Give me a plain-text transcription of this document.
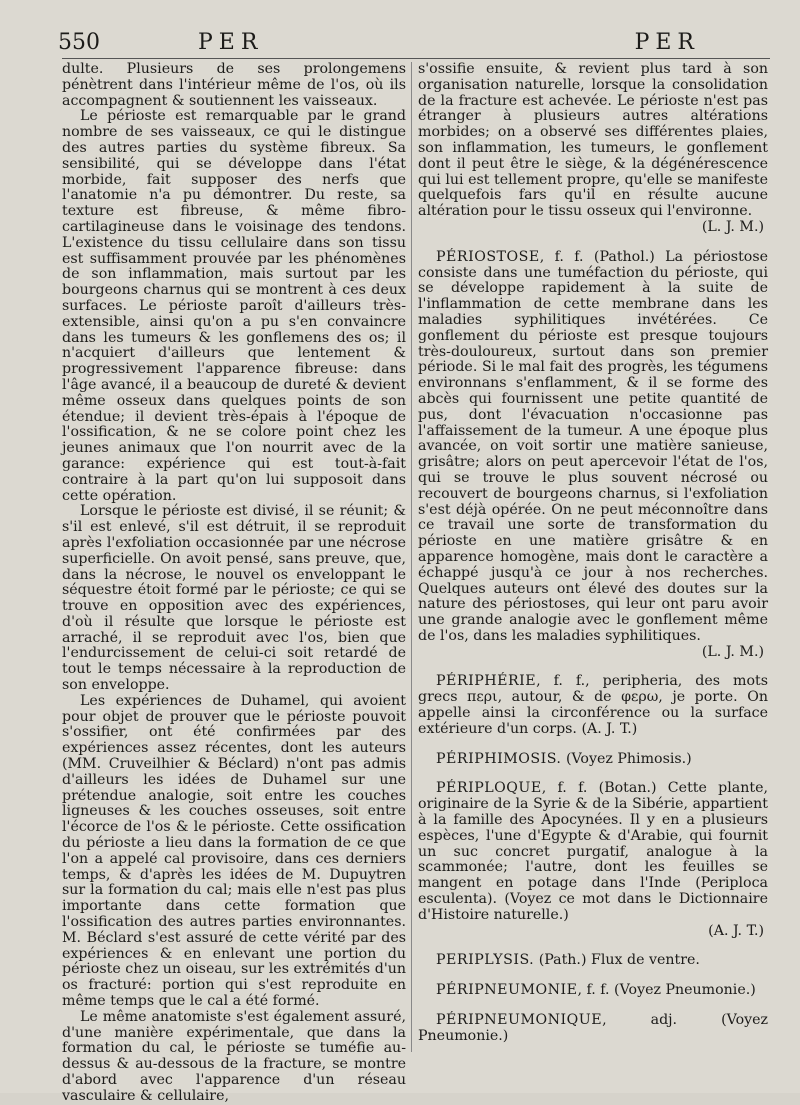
550	PER	PER

dulte. Plusieurs de ses prolongemens pénètrent dans l'intérieur même de l'os, où ils accompagnent & soutiennent les vaisseaux.

Le périoste est remarquable par le grand nombre de ses vaisseaux, ce qui le distingue des autres parties du système fibreux. Sa sensibilité, qui se développe dans l'état morbide, fait supposer des nerfs que l'anatomie n'a pu démontrer. Du reste, sa texture est fibreuse, & même fibro-cartilagineuse dans le voisinage des tendons. L'existence du tissu cellulaire dans son tissu est suffisamment prouvée par les phénomènes de son inflammation, mais surtout par les bourgeons charnus qui se montrent à ces deux surfaces. Le périoste paroît d'ailleurs très-extensible, ainsi qu'on a pu s'en convaincre dans les tumeurs & les gonflemens des os; il n'acquiert d'ailleurs que lentement & progressivement l'apparence fibreuse: dans l'âge avancé, il a beaucoup de dureté & devient même osseux dans quelques points de son étendue; il devient très-épais à l'époque de l'ossification, & ne se colore point chez les jeunes animaux que l'on nourrit avec de la garance: expérience qui est tout-à-fait contraire à la part qu'on lui supposoit dans cette opération.

Lorsque le périoste est divisé, il se réunit; & s'il est enlevé, s'il est détruit, il se reproduit après l'exfoliation occasionnée par une nécrose superficielle. On avoit pensé, sans preuve, que, dans la nécrose, le nouvel os enveloppant le séquestre étoit formé par le périoste; ce qui se trouve en opposition avec des expériences, d'où il résulte que lorsque le périoste est arraché, il se reproduit avec l'os, bien que l'endurcissement de celui-ci soit retardé de tout le temps nécessaire à la reproduction de son enveloppe.

Les expériences de Duhamel, qui avoient pour objet de prouver que le périoste pouvoit s'ossifier, ont été confirmées par des expériences assez récentes, dont les auteurs (MM. Cruveilhier & Béclard) n'ont pas admis d'ailleurs les idées de Duhamel sur une prétendue analogie, soit entre les couches ligneuses & les couches osseuses, soit entre l'écorce de l'os & le périoste. Cette ossification du périoste a lieu dans la formation de ce que l'on a appelé cal provisoire, dans ces derniers temps, & d'après les idées de M. Dupuytren sur la formation du cal; mais elle n'est pas plus importante dans cette formation que l'ossification des autres parties environnantes. M. Béclard s'est assuré de cette vérité par des expériences & en enlevant une portion du périoste chez un oiseau, sur les extrémités d'un os fracturé: portion qui s'est reproduite en même temps que le cal a été formé.

Le même anatomiste s'est également assuré, d'une manière expérimentale, que dans la formation du cal, le périoste se tuméfie au-dessus & au-dessous de la fracture, se montre d'abord avec l'apparence d'un réseau vasculaire & cellulaire,

s'ossifie ensuite, & revient plus tard à son organisation naturelle, lorsque la consolidation de la fracture est achevée. Le périoste n'est pas étranger à plusieurs autres altérations morbides; on a observé ses différentes plaies, son inflammation, les tumeurs, le gonflement dont il peut être le siège, & la dégénérescence qui lui est tellement propre, qu'elle se manifeste quelquefois fars qu'il en résulte aucune altération pour le tissu osseux qui l'environne.
(L. J. M.)

PÉRIOSTOSE, f. f. (Pathol.) La périostose consiste dans une tuméfaction du périoste, qui se développe rapidement à la suite de l'inflammation de cette membrane dans les maladies syphilitiques invétérées. Ce gonflement du périoste est presque toujours très-douloureux, surtout dans son premier période. Si le mal fait des progrès, les tégumens environnans s'enflamment, & il se forme des abcès qui fournissent une petite quantité de pus, dont l'évacuation n'occasionne pas l'affaissement de la tumeur. A une époque plus avancée, on voit sortir une matière sanieuse, grisâtre; alors on peut apercevoir l'état de l'os, qui se trouve le plus souvent nécrosé ou recouvert de bourgeons charnus, si l'exfoliation s'est déjà opérée. On ne peut méconnoître dans ce travail une sorte de transformation du périoste en une matière grisâtre & en apparence homogène, mais dont le caractère a échappé jusqu'à ce jour à nos recherches. Quelques auteurs ont élevé des doutes sur la nature des périostoses, qui leur ont paru avoir une grande analogie avec le gonflement même de l'os, dans les maladies syphilitiques.
(L. J. M.)

PÉRIPHÉRIE, f. f., peripheria, des mots grecs περι, autour, & de φερω, je porte. On appelle ainsi la circonférence ou la surface extérieure d'un corps. (A. J. T.)

PÉRIPHIMOSIS. (Voyez Phimosis.)

PÉRIPLOQUE, f. f. (Botan.) Cette plante, originaire de la Syrie & de la Sibérie, appartient à la famille des Apocynées. Il y en a plusieurs espèces, l'une d'Egypte & d'Arabie, qui fournit un suc concret purgatif, analogue à la scammonée; l'autre, dont les feuilles se mangent en potage dans l'Inde (Periploca esculenta). (Voyez ce mot dans le Dictionnaire d'Histoire naturelle.)
(A. J. T.)

PERIPLYSIS. (Path.) Flux de ventre.

PÉRIPNEUMONIE, f. f. (Voyez Pneumonie.)

PÉRIPNEUMONIQUE, adj. (Voyez Pneumonie.)
